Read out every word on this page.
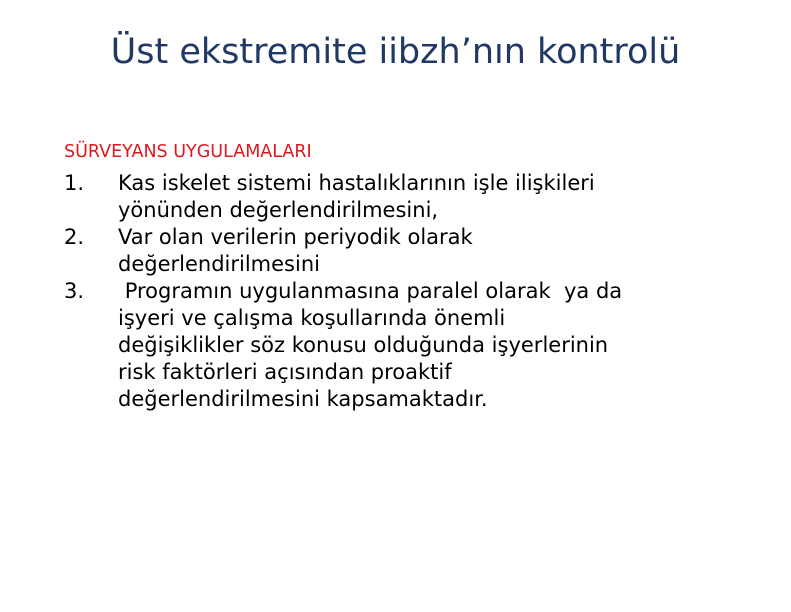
Üst ekstremite iibzh’nın kontrolü
SÜRVEYANS UYGULAMALARI
1. Kas iskelet sistemi hastalıklarının işle ilişkileri
yönünden değerlendirilmesini,
2. Var olan verilerin periyodik olarak
değerlendirilmesini
3.	Programın uygulanmasına paralel olarak  ya da
işyeri ve çalışma koşullarında önemli
değişiklikler söz konusu olduğunda işyerlerinin
risk faktörleri açısından proaktif
değerlendirilmesini kapsamaktadır.
